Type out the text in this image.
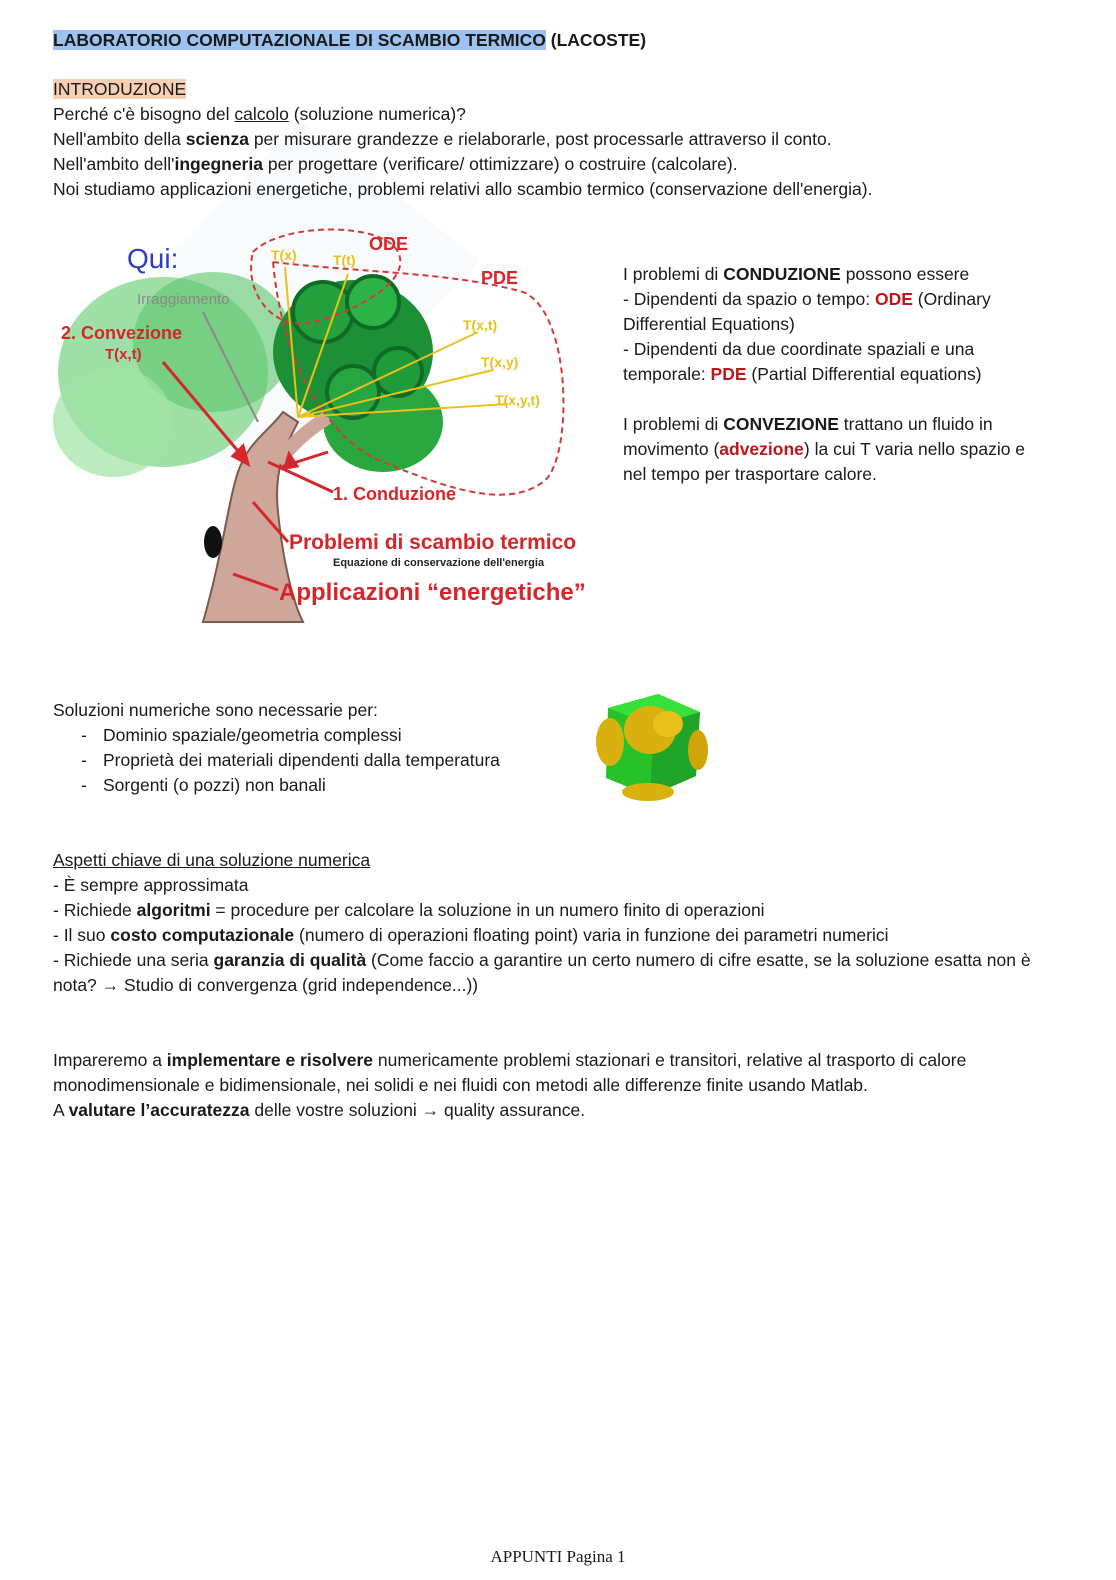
LABORATORIO COMPUTAZIONALE DI SCAMBIO TERMICO (LACOSTE)

INTRODUZIONE

Perché c'è bisogno del calcolo (soluzione numerica)?

Nell'ambito della scienza per misurare grandezze e rielaborarle, post processarle attraverso il conto.

Nell'ambito dell'ingegneria per progettare (verificare/ ottimizzare) o costruire (calcolare).

Noi studiamo applicazioni energetiche, problemi relativi allo scambio termico (conservazione dell'energia).

Qui:
Irraggiamento
2. Convezione
T(x,t)
T(x)	T(t)
ODE
PDE
T(x,t)
T(x,y)
T(x,y,t)
1. Conduzione
Problemi di scambio termico
Equazione di conservazione dell'energia
Applicazioni “energetiche”

I problemi di CONDUZIONE possono essere

- Dipendenti da spazio o tempo: ODE (Ordinary Differential Equations)

- Dipendenti da due coordinate spaziali e una temporale: PDE (Partial Differential equations)

I problemi di CONVEZIONE trattano un fluido in movimento (advezione) la cui T varia nello spazio e nel tempo per trasportare calore.

Soluzioni numeriche sono necessarie per:

- Dominio spaziale/geometria complessi
- Proprietà dei materiali dipendenti dalla temperatura
- Sorgenti (o pozzi) non banali

Aspetti chiave di una soluzione numerica

- È sempre approssimata

- Richiede algoritmi = procedure per calcolare la soluzione in un numero finito di operazioni

- Il suo costo computazionale (numero di operazioni floating point) varia in funzione dei parametri numerici

- Richiede una seria garanzia di qualità (Come faccio a garantire un certo numero di cifre esatte, se la soluzione esatta non è nota? → Studio di convergenza (grid independence...))

Impareremo a implementare e risolvere numericamente problemi stazionari e transitori, relative al trasporto di calore monodimensionale e bidimensionale, nei solidi e nei fluidi con metodi alle differenze finite usando Matlab.

A valutare l’accuratezza delle vostre soluzioni → quality assurance.

APPUNTI Pagina 1
